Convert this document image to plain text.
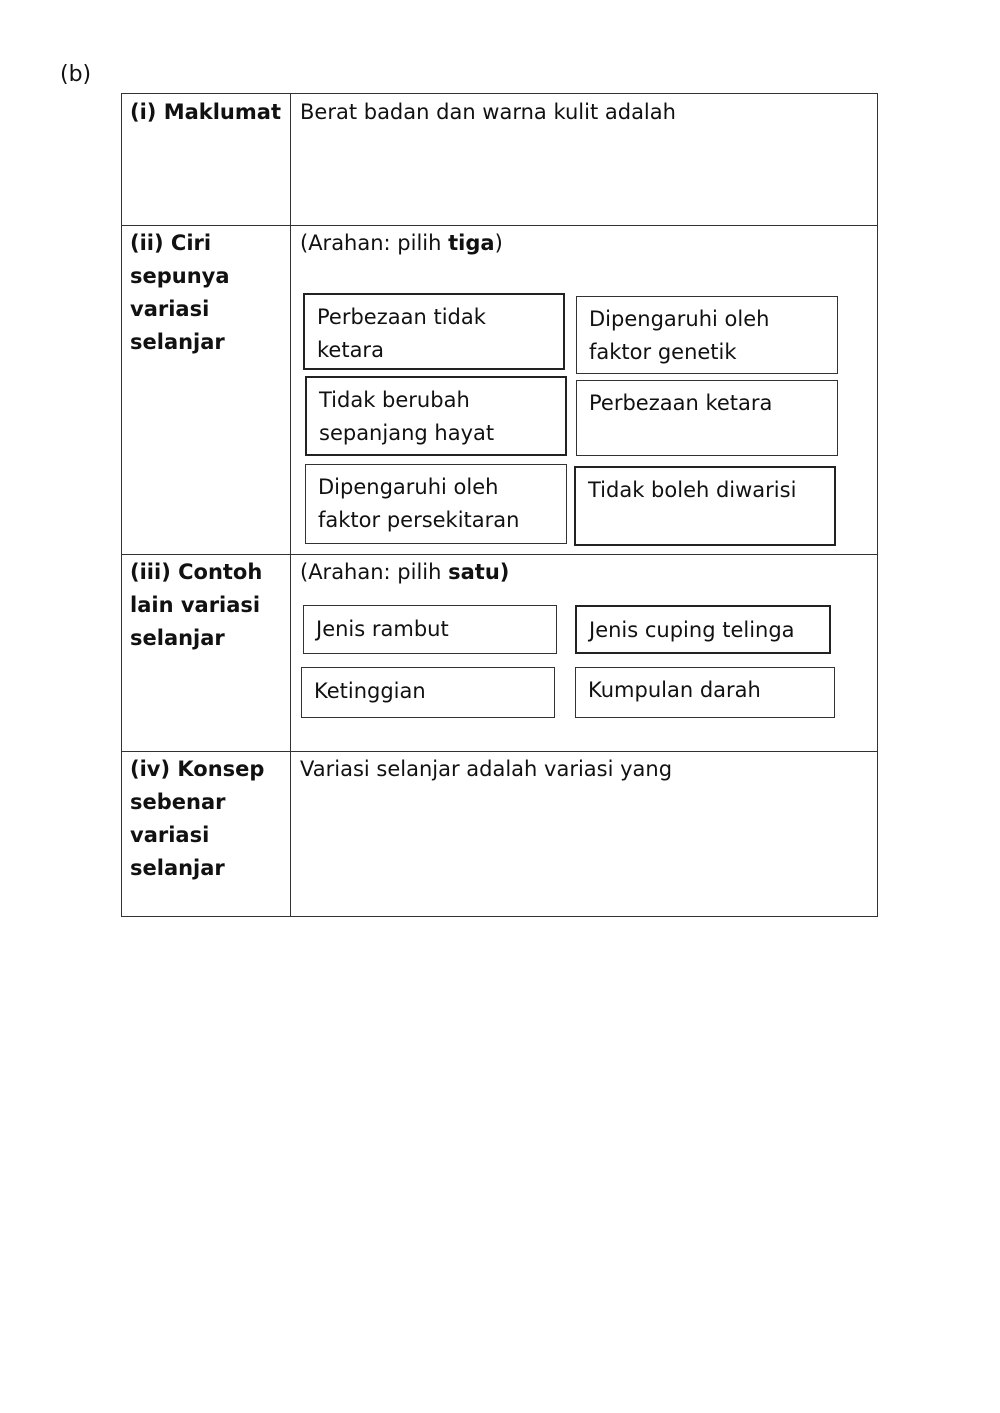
(b)
(i) Maklumat Berat badan dan warna kulit adalah
(ii) Ciri
sepunya
variasi
selanjar
(Arahan: pilih tiga)
Perbezaan tidak ketara
Dipengaruhi oleh faktor genetik
Tidak berubah sepanjang hayat
Perbezaan ketara
Dipengaruhi oleh faktor persekitaran
Tidak boleh diwarisi
(iii) Contoh
lain variasi
selanjar
(Arahan: pilih satu)
Jenis rambut	Jenis cuping telinga
Ketinggian	Kumpulan darah
(iv) Konsep
sebenar
variasi
selanjar
Variasi selanjar adalah variasi yang
